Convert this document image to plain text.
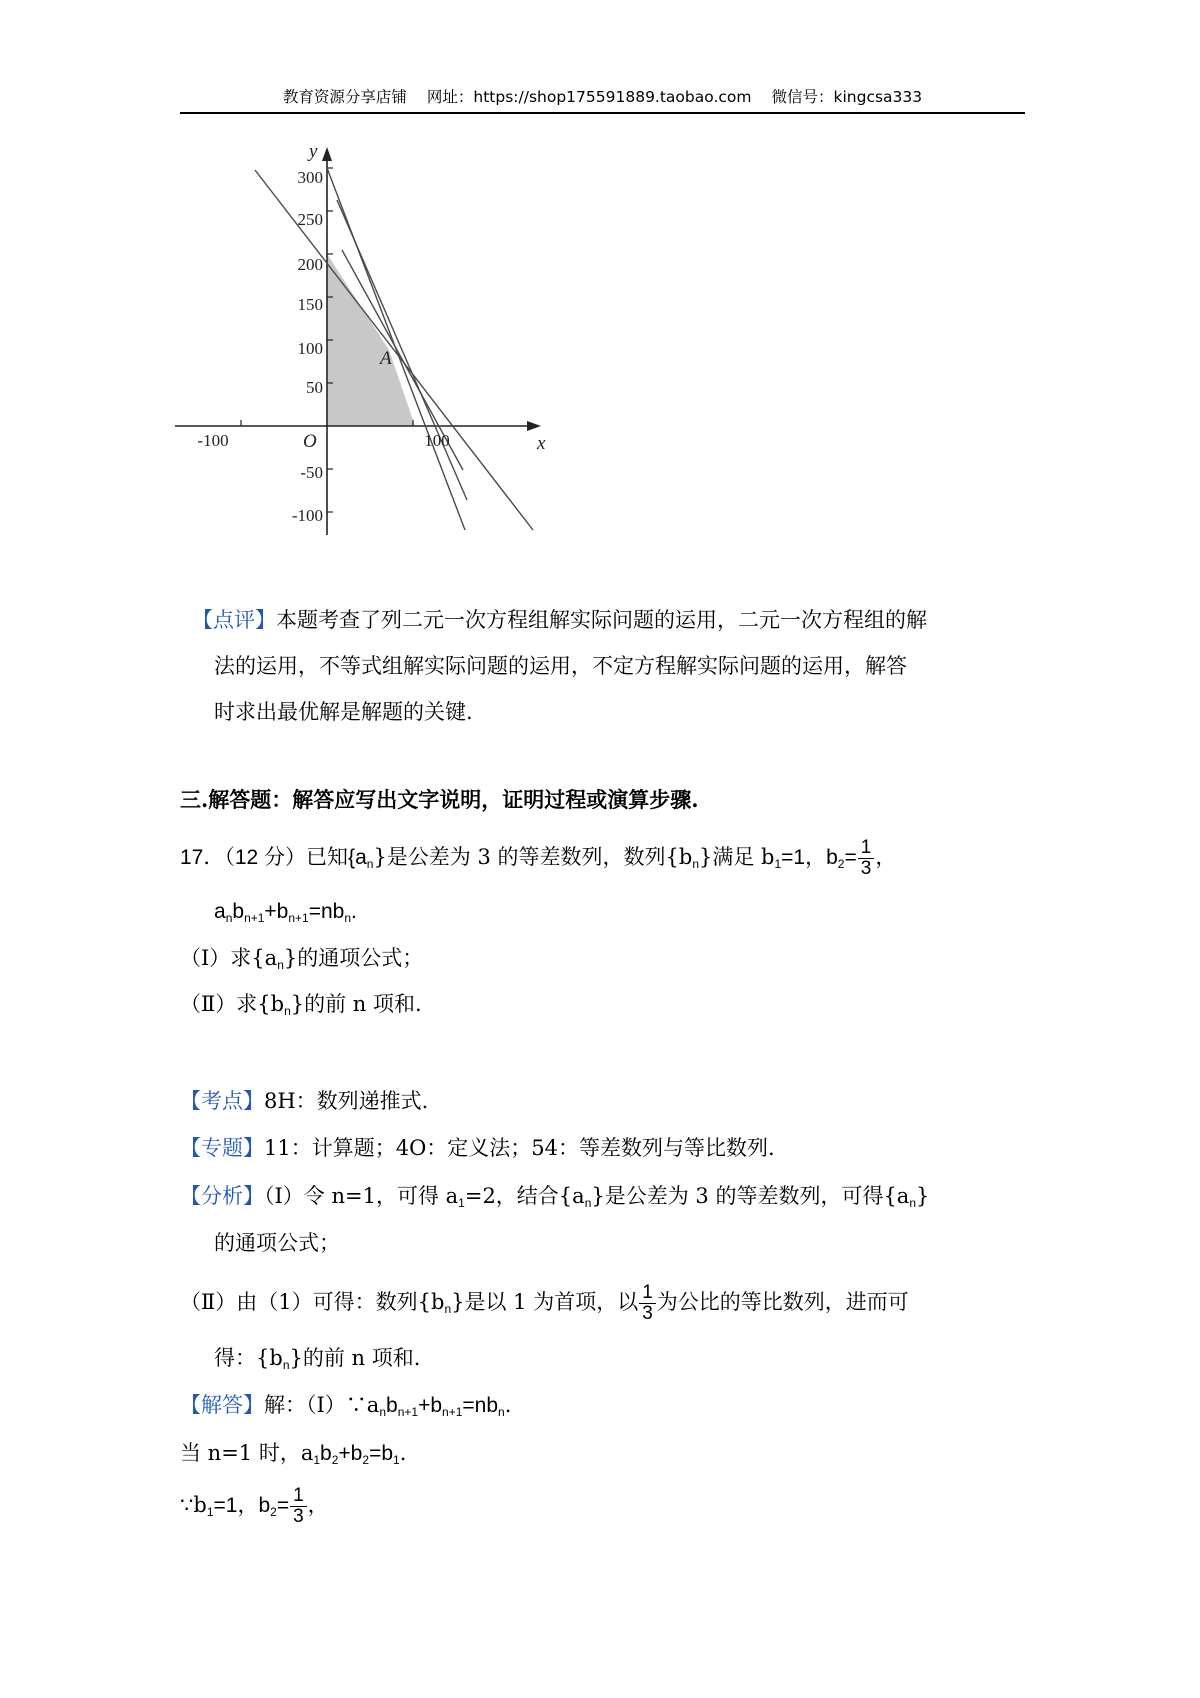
教育资源分享店铺 网址：https://shop175591889.taobao.com 微信号：kingcsa333
300
250
200
150
100
50
-50
-100
-100	100
y
x
O
A
【点评】本题考查了列二元一次方程组解实际问题的运用，二元一次方程组的解
法的运用，不等式组解实际问题的运用，不定方程解实际问题的运用，解答
时求出最优解是解题的关键.
三.解答题：解答应写出文字说明，证明过程或演算步骤.
17．（12 分）已知$\{a_n\}$是公差为 3 的等差数列，数列$\{b_n\}$满足 $b_1=1$，$b_2= \frac{1}{3}$ ，
$a_nb_{n+1}+b_{n+1}=nb_n$.
（Ⅰ）求$\{a_n\}$的通项公式；
（Ⅱ）求$\{b_n\}$的前 n 项和.
【考点】8H：数列递推式.
【专题】11：计算题；4O：定义法；54：等差数列与等比数列.
【分析】（Ⅰ）令 n=1，可得 $a_1=2$，结合$\{a_n\}$是公差为 3 的等差数列，可得$\{a_n\}$
的通项公式；
（Ⅱ）由（1）可得：数列$\{b_n\}$是以 1 为首项，以 $\frac{1}{3}$ 为公比的等比数列，进而可
得：$\{b_n\}$的前 n 项和.
【解答】解：$(Ⅰ)\because a_nb_{n+1}+b_{n+1}=nb_n$.
当 n=1 时，$a_1b_2+b_2=b_1$.
$\because b_1=1$，$b_2= \frac{1}{3}$ ，
